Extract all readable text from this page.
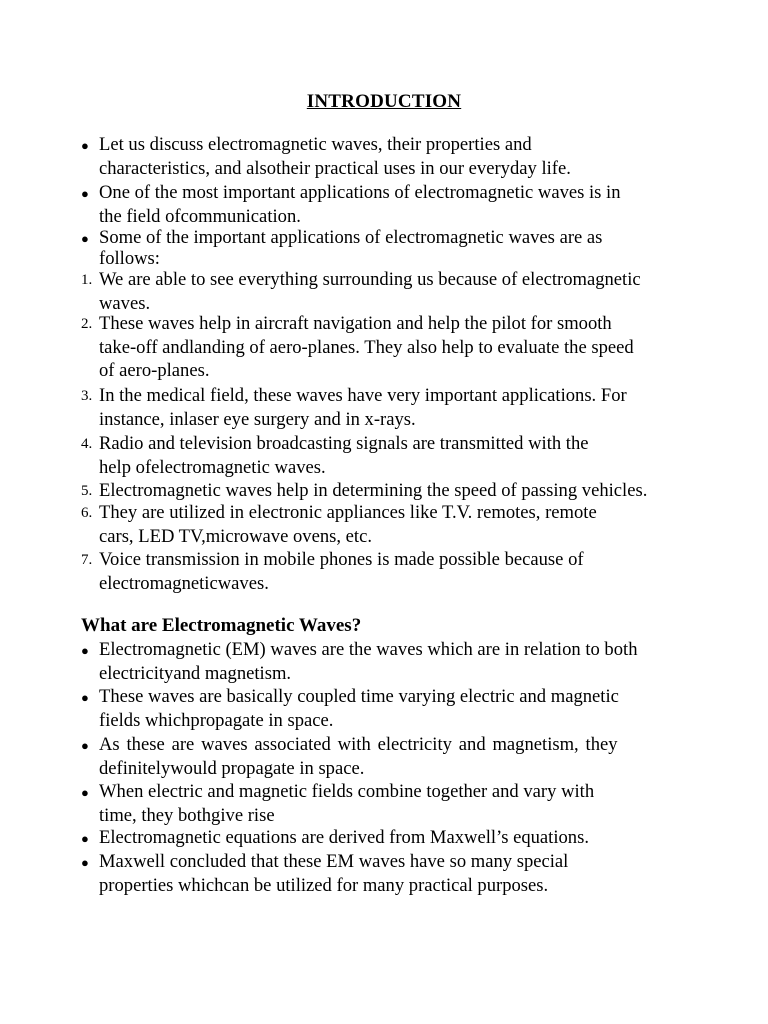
INTRODUCTION
● Let us discuss electromagnetic waves, their properties and
characteristics, and alsotheir practical uses in our everyday life.
● One of the most important applications of electromagnetic waves is in
the field ofcommunication.
● Some of the important applications of electromagnetic waves are as
follows:
1. We are able to see everything surrounding us because of electromagnetic
waves.
2. These waves help in aircraft navigation and help the pilot for smooth
take-off andlanding of aero-planes. They also help to evaluate the speed
of aero-planes.
3. In the medical field, these waves have very important applications. For
instance, inlaser eye surgery and in x-rays.
4. Radio and television broadcasting signals are transmitted with the
help ofelectromagnetic waves.
5. Electromagnetic waves help in determining the speed of passing vehicles.
6. They are utilized in electronic appliances like T.V. remotes, remote
cars, LED TV,microwave ovens, etc.
7. Voice transmission in mobile phones is made possible because of
electromagneticwaves.
What are Electromagnetic Waves?
● Electromagnetic (EM) waves are the waves which are in relation to both
electricityand magnetism.
● These waves are basically coupled time varying electric and magnetic
fields whichpropagate in space.
● As these are waves associated with electricity and magnetism, they
definitelywould propagate in space.
● When electric and magnetic fields combine together and vary with
time, they bothgive rise
● Electromagnetic equations are derived from Maxwell’s equations.
● Maxwell concluded that these EM waves have so many special
properties whichcan be utilized for many practical purposes.
